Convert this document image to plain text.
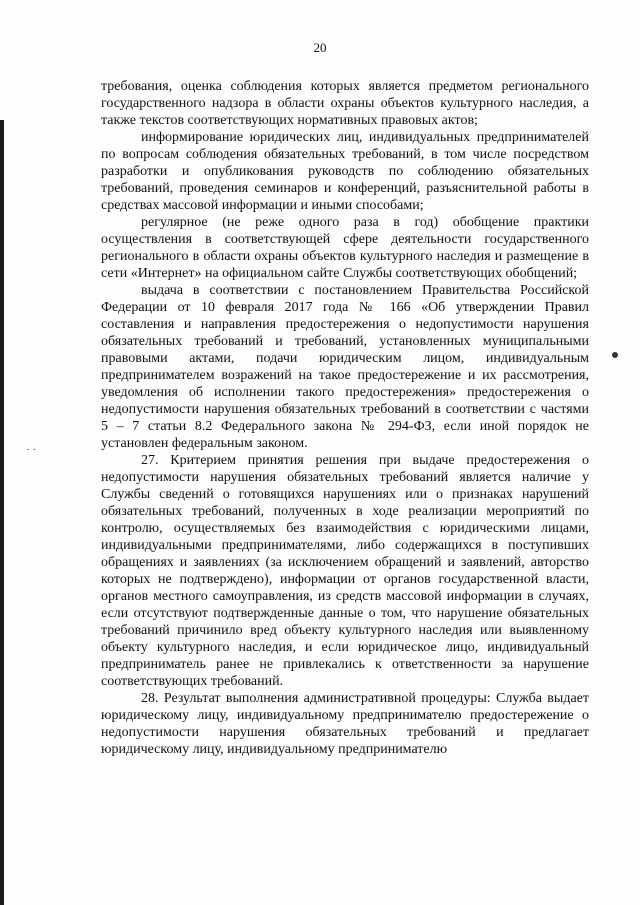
· ·
20

требования, оценка соблюдения которых является предметом регионального государственного надзора в области охраны объектов культурного наследия, а также текстов соответствующих нормативных правовых актов;

информирование юридических лиц, индивидуальных предпринимателей по вопросам соблюдения обязательных требований, в том числе посредством разработки и опубликования руководств по соблюдению обязательных требований, проведения семинаров и конференций, разъяснительной работы в средствах массовой информации и иными способами;

регулярное (не реже одного раза в год) обобщение практики осуществления в соответствующей сфере деятельности государственного регионального в области охраны объектов культурного наследия и размещение в сети «Интернет» на официальном сайте Службы соответствующих обобщений;

выдача в соответствии с постановлением Правительства Российской Федерации от 10 февраля 2017 года № 166 «Об утверждении Правил составления и направления предостережения о недопустимости нарушения обязательных требований и требований, установленных муниципальными правовыми актами, подачи юридическим лицом, индивидуальным предпринимателем возражений на такое предостережение и их рассмотрения, уведомления об исполнении такого предостережения» предостережения о недопустимости нарушения обязательных требований в соответствии с частями 5 – 7 статьи 8.2 Федерального закона № 294-ФЗ, если иной порядок не установлен федеральным законом.

27. Критерием принятия решения при выдаче предостережения о недопустимости нарушения обязательных требований является наличие у Службы сведений о готовящихся нарушениях или о признаках нарушений обязательных требований, полученных в ходе реализации мероприятий по контролю, осуществляемых без взаимодействия с юридическими лицами, индивидуальными предпринимателями, либо содержащихся в поступивших обращениях и заявлениях (за исключением обращений и заявлений, авторство которых не подтверждено), информации от органов государственной власти, органов местного самоуправления, из средств массовой информации в случаях, если отсутствуют подтвержденные данные о том, что нарушение обязательных требований причинило вред объекту культурного наследия или выявленному объекту культурного наследия, и если юридическое лицо, индивидуальный предприниматель ранее не привлекались к ответственности за нарушение соответствующих требований.

28. Результат выполнения административной процедуры: Служба выдает юридическому лицу, индивидуальному предпринимателю предостережение о недопустимости нарушения обязательных требований и предлагает юридическому лицу, индивидуальному предпринимателю
